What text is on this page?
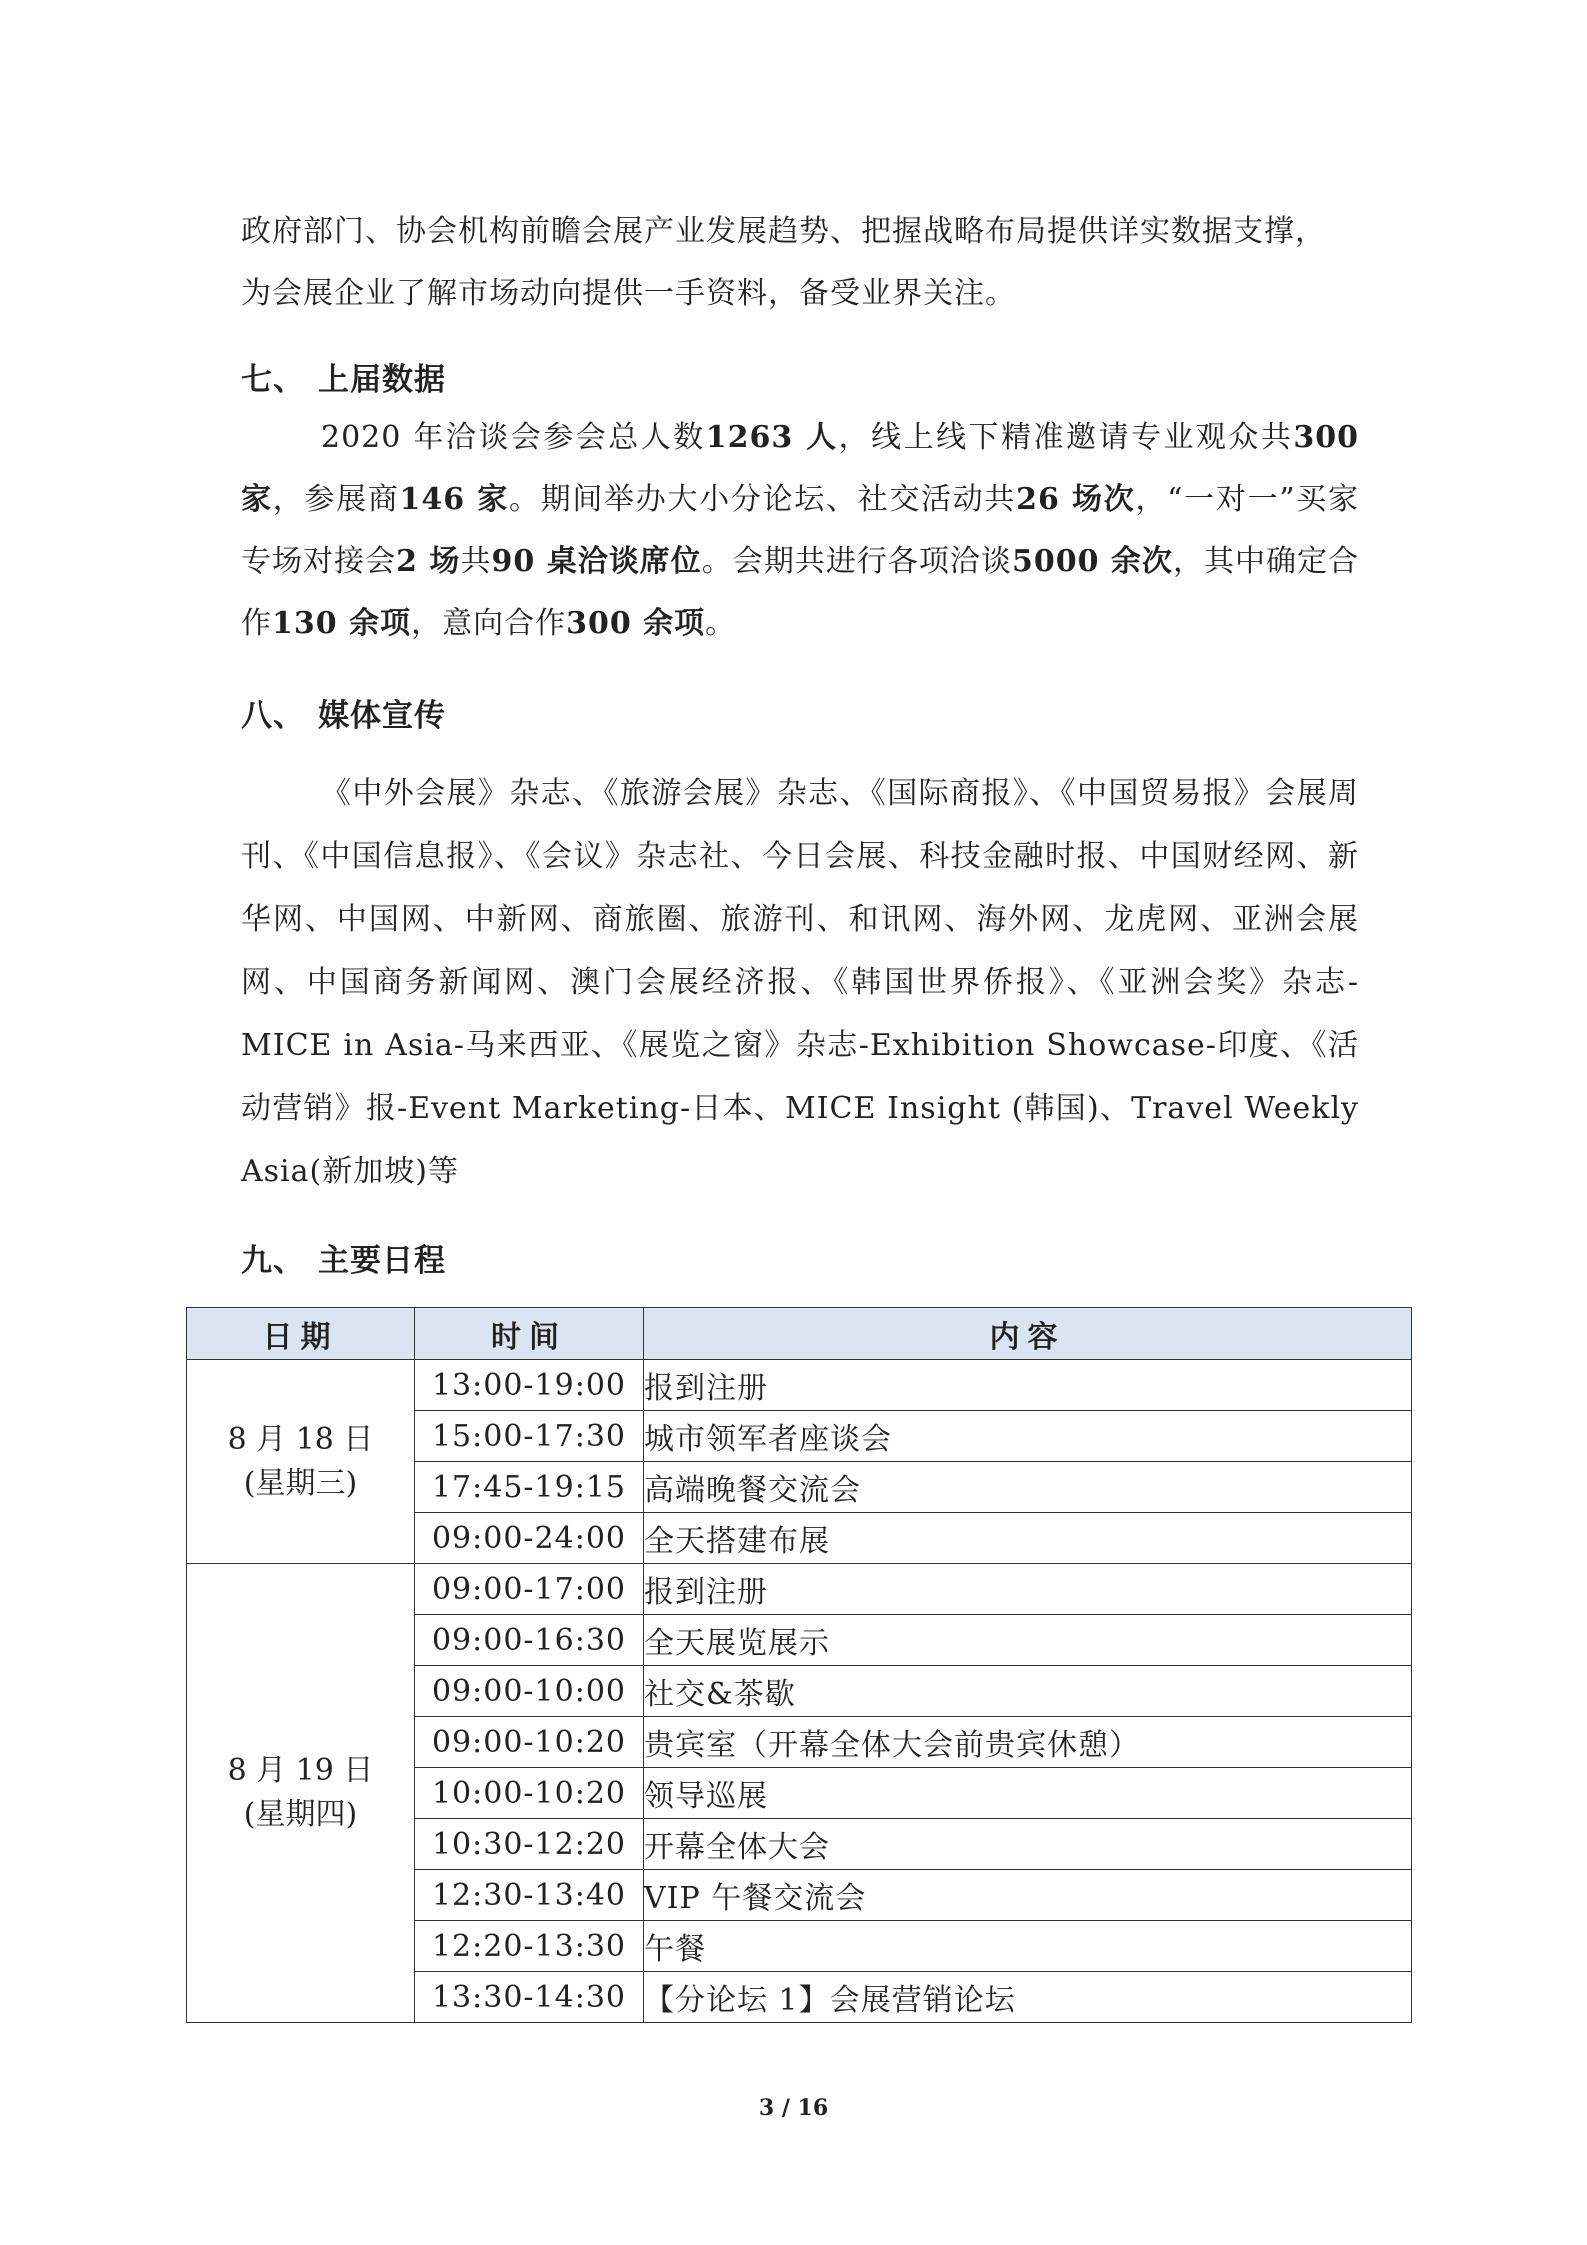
政府部门、协会机构前瞻会展产业发展趋势、把握战略布局提供详实数据支撑，
为会展企业了解市场动向提供一手资料，备受业界关注。
七、 上届数据
2020 年洽谈会参会总人数1263 人，线上线下精准邀请专业观众共300 家，参展商146 家。期间举办大小分论坛、社交活动共26 场次，“一对一”买家专场对接会2 场共90 桌洽谈席位。会期共进行各项洽谈5000 余次，其中确定合作130 余项，意向合作300 余项。
八、 媒体宣传
《中外会展》杂志、《旅游会展》杂志、《国际商报》、《中国贸易报》会展周刊、《中国信息报》、《会议》杂志社、今日会展、科技金融时报、中国财经网、新华网、中国网、中新网、商旅圈、旅游刊、和讯网、海外网、龙虎网、亚洲会展网、中国商务新闻网、澳门会展经济报、《韩国世界侨报》、《亚洲会奖》杂志-MICE in Asia-马来西亚、《展览之窗》杂志-Exhibition Showcase-印度、《活动营销》报-Event Marketing-日本、MICE Insight (韩国)、Travel Weekly Asia(新加坡)等
九、 主要日程
日期	时间	内容

8 月 18 日
(星期三)	13:00-19:00	报到注册
	15:00-17:30	城市领军者座谈会
	17:45-19:15	高端晚餐交流会
	09:00-24:00	全天搭建布展

8 月 19 日
(星期四)	09:00-17:00	报到注册
	09:00-16:30	全天展览展示
	09:00-10:00	社交&茶歇
	09:00-10:20	贵宾室（开幕全体大会前贵宾休憩）
	10:00-10:20	领导巡展
	10:30-12:20	开幕全体大会
	12:30-13:40	VIP 午餐交流会
	12:20-13:30	午餐
	13:30-14:30	【分论坛 1】会展营销论坛
3 / 16
